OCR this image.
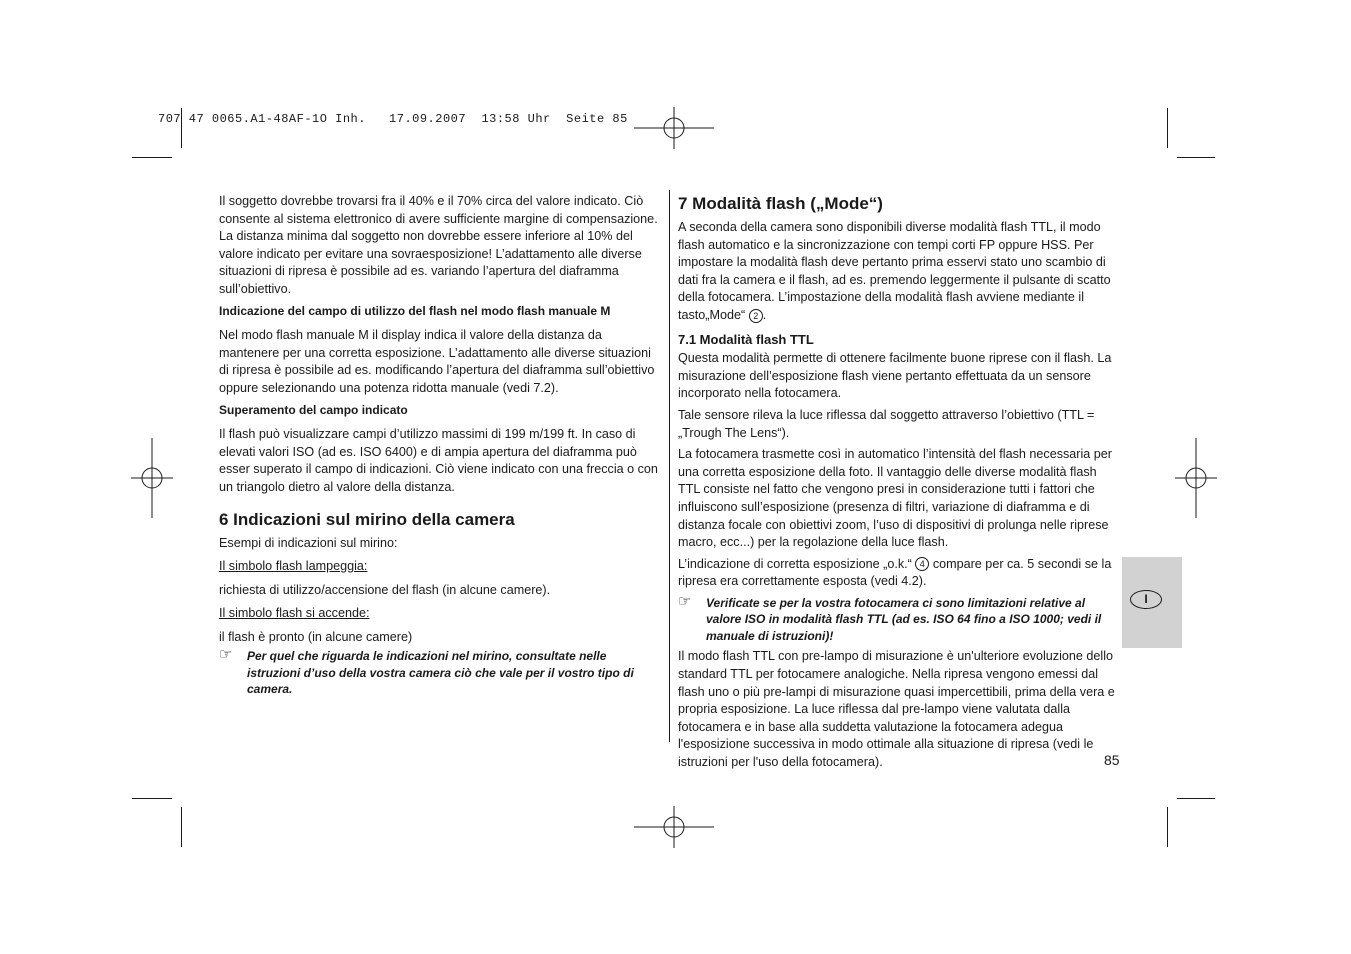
707 47 0065.A1-48AF-1O Inh.   17.09.2007  13:58 Uhr  Seite 85

Il soggetto dovrebbe trovarsi fra il 40% e il 70% circa del valore indicato. Ciò consente al sistema elettronico di avere sufficiente margine di compensazione.

La distanza minima dal soggetto non dovrebbe essere inferiore al 10% del valore indicato per evitare una sovraesposizione! L’adattamento alle diverse situazioni di ripresa è possibile ad es. variando l’apertura del diaframma sull’obiettivo.

Indicazione del campo di utilizzo del flash nel modo flash manuale M

Nel modo flash manuale M il display indica il valore della distanza da mantenere per una corretta esposizione. L’adattamento alle diverse situazioni di ripresa è possibile ad es. modificando l’apertura del diaframma sull’obiettivo oppure selezionando una potenza ridotta manuale (vedi 7.2).

Superamento del campo indicato

Il flash può visualizzare campi d’utilizzo massimi di 199 m/199 ft. In caso di elevati valori ISO (ad es. ISO 6400) e di ampia apertura del diaframma può esser superato il campo di indicazioni. Ciò viene indicato con una freccia o con un triangolo dietro al valore della distanza.

6 Indicazioni sul mirino della camera

Esempi di indicazioni sul mirino:

Il simbolo flash lampeggia:

richiesta di utilizzo/accensione del flash (in alcune camere).

Il simbolo flash si accende:

il flash è pronto (in alcune camere)

☞ Per quel che riguarda le indicazioni nel mirino, consultate nelle istruzioni d’uso della vostra camera ciò che vale per il vostro tipo di camera.
7 Modalità flash („Mode“)

A seconda della camera sono disponibili diverse modalità flash TTL, il modo flash automatico e la sincronizzazione con tempi corti FP oppure HSS. Per impostare la modalità flash deve pertanto prima esservi stato uno scambio di dati fra la camera e il flash, ad es. premendo leggermente il pulsante di scatto della fotocamera. L’impostazione della modalità flash avviene mediante il tasto„Mode“ 2 .

7.1 Modalità flash TTL

Questa modalità permette di ottenere facilmente buone riprese con il flash. La misurazione dell’esposizione flash viene pertanto effettuata da un sensore incorporato nella fotocamera.

Tale sensore rileva la luce riflessa dal soggetto attraverso l’obiettivo (TTL = „Trough The Lens“).

La fotocamera trasmette così in automatico l’intensità del flash necessaria per una corretta esposizione della foto. Il vantaggio delle diverse modalità flash TTL consiste nel fatto che vengono presi in considerazione tutti i fattori che influiscono sull’esposizione (presenza di filtri, variazione di diaframma e di distanza focale con obiettivi zoom, l’uso di dispositivi di prolunga nelle riprese macro, ecc...) per la regolazione della luce flash.

L’indicazione di corretta esposizione „o.k.“ 4 compare per ca. 5 secondi se la ripresa era correttamente esposta (vedi 4.2).

☞ Verificate se per la vostra fotocamera ci sono limitazioni relative al valore ISO in modalità flash TTL (ad es. ISO 64 fino a ISO 1000; vedi il manuale di istruzioni)!

Il modo flash TTL con pre-lampo di misurazione è un'ulteriore evoluzione dello standard TTL per fotocamere analogiche. Nella ripresa vengono emessi dal flash uno o più pre-lampi di misurazione quasi impercettibili, prima della vera e propria esposizione. La luce riflessa dal pre-lampo viene valutata dalla fotocamera e in base alla suddetta valutazione la fotocamera adegua l'esposizione successiva in modo ottimale alla situazione di ripresa (vedi le istruzioni per l'uso della fotocamera).

I
85
